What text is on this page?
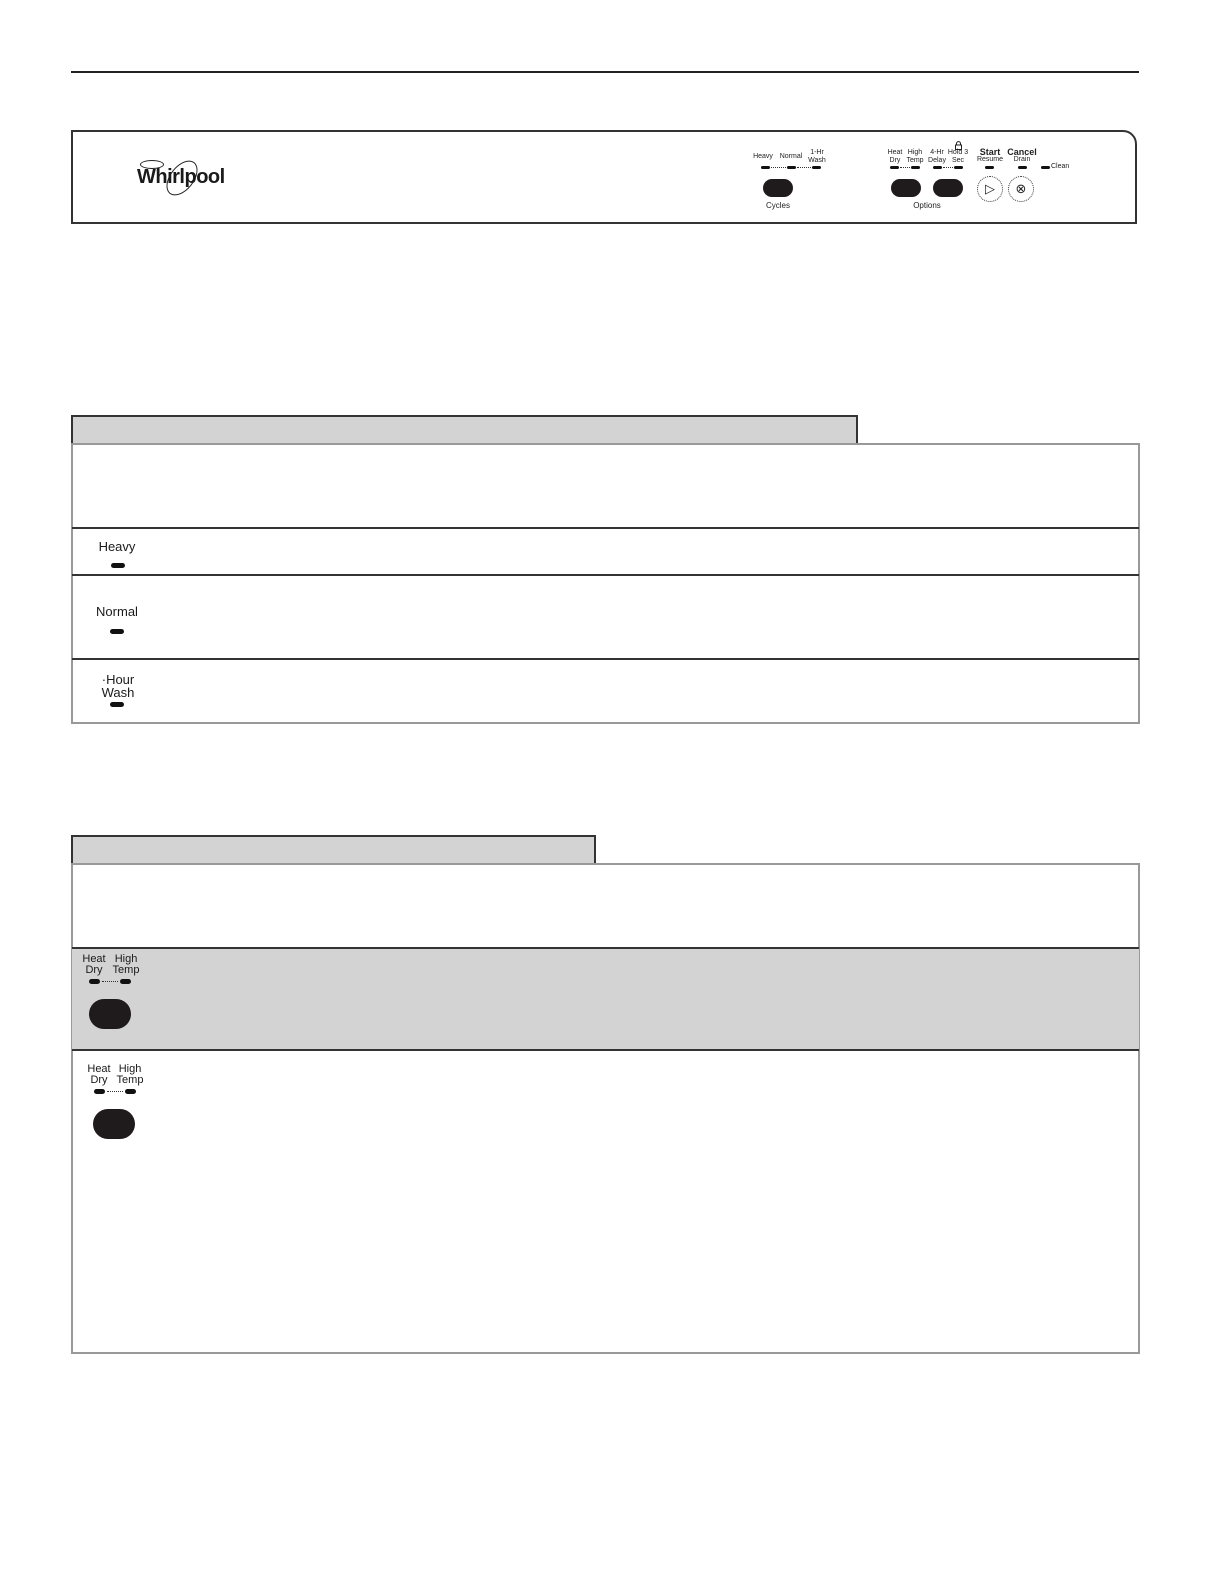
Whirlpool
Heavy Normal
1-Hr Wash
Cycles
Heat Dry
High Temp
4-Hr Delay
Hold 3 Sec
Options
Start
Resume
Cancel
Drain
Clean
▷ ⊗
Heavy
Normal
·Hour
Wash
Heat High
Dry Temp
Heat High
Dry Temp
